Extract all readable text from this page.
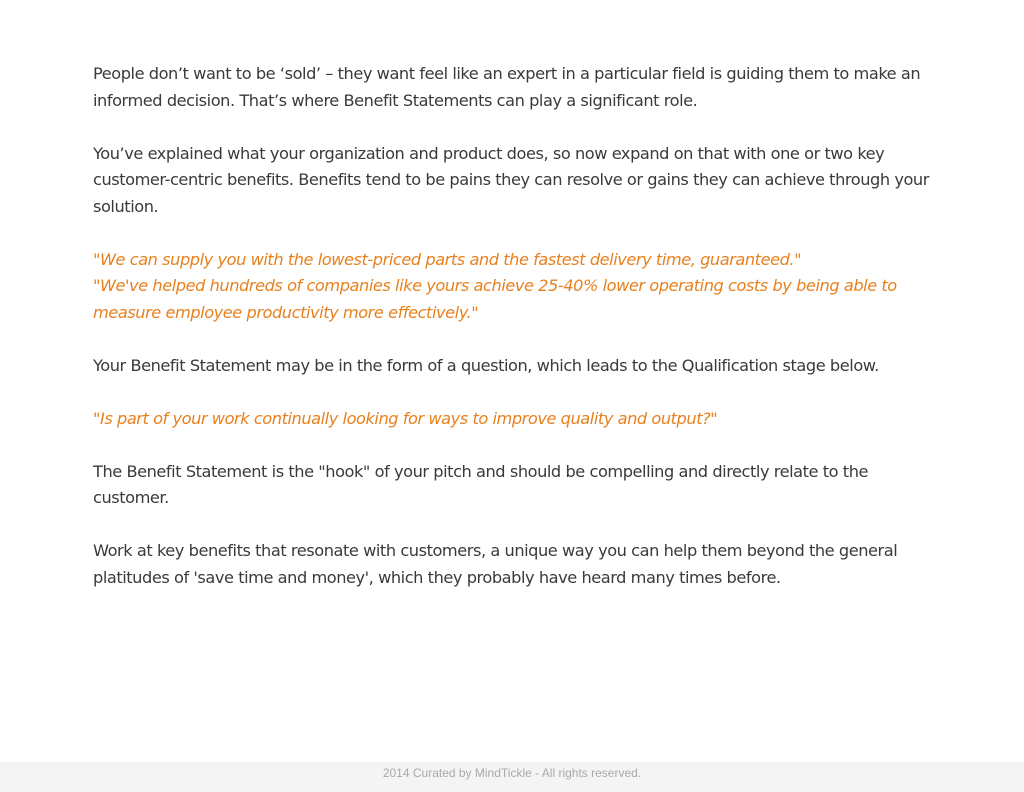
People don’t want to be ‘sold’ – they want feel like an expert in a particular field is guiding them to make an informed decision. That’s where Benefit Statements can play a significant role.

You’ve explained what your organization and product does, so now expand on that with one or two key customer-centric benefits. Benefits tend to be pains they can resolve or gains they can achieve through your solution.

"We can supply you with the lowest-priced parts and the fastest delivery time, guaranteed."
"We've helped hundreds of companies like yours achieve 25-40% lower operating costs by being able to measure employee productivity more effectively."

Your Benefit Statement may be in the form of a question, which leads to the Qualification stage below.

"Is part of your work continually looking for ways to improve quality and output?"

The Benefit Statement is the "hook" of your pitch and should be compelling and directly relate to the customer.

Work at key benefits that resonate with customers, a unique way you can help them beyond the general platitudes of 'save time and money', which they probably have heard many times before.

2014 Curated by MindTickle - All rights reserved.
